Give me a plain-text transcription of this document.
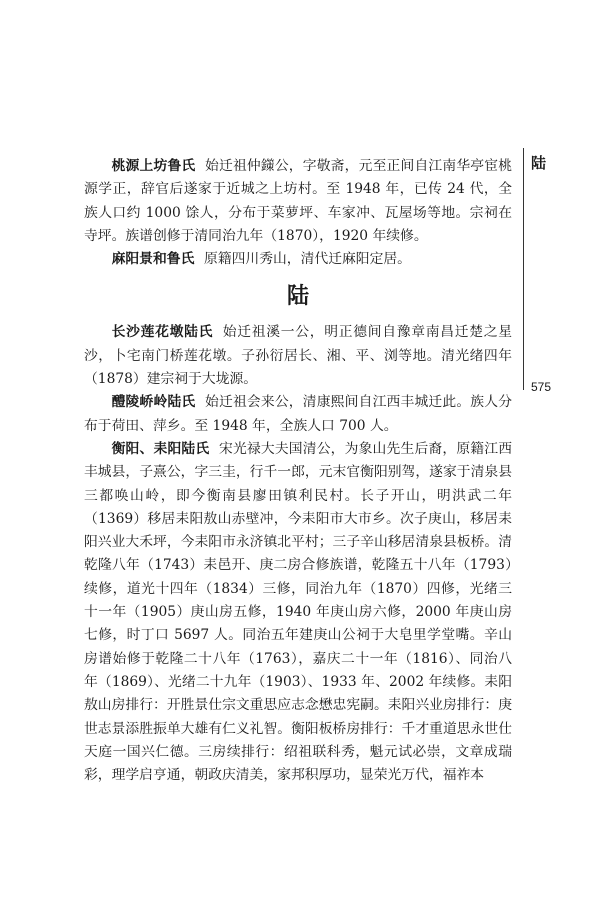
陆
575

桃源上坊鲁氏 始迁祖仲鏼公，字敬斋，元至正间自江南华亭宦桃源学正，辞官后遂家于近城之上坊村。至 1948 年，已传 24 代，全族人口约 1000 馀人，分布于菜萝坪、车家冲、瓦屋场等地。宗祠在寺坪。族谱创修于清同治九年（1870），1920 年续修。

麻阳景和鲁氏 原籍四川秀山，清代迁麻阳定居。

陆

长沙莲花墩陆氏 始迁祖溪一公，明正德间自豫章南昌迁楚之星沙，卜宅南门桥莲花墩。子孙衍居长、湘、平、浏等地。清光绪四年（1878）建宗祠于大垅源。

醴陵峤岭陆氏 始迁祖会来公，清康熙间自江西丰城迁此。族人分布于荷田、萍乡。至 1948 年，全族人口 700 人。

衡阳、耒阳陆氏 宋光禄大夫国清公，为象山先生后裔，原籍江西丰城县，子熹公，字三圭，行千一郎，元末官衡阳别驾，遂家于清泉县三都唤山岭，即今衡南县廖田镇利民村。长子开山，明洪武二年（1369）移居耒阳敖山赤壁冲，今耒阳市大市乡。次子庚山，移居耒阳兴业大禾坪，今耒阳市永济镇北平村；三子辛山移居清泉县板桥。清乾隆八年（1743）耒邑开、庚二房合修族谱，乾隆五十八年（1793）续修，道光十四年（1834）三修，同治九年（1870）四修，光绪三十一年（1905）庚山房五修，1940 年庚山房六修，2000 年庚山房七修，时丁口 5697 人。同治五年建庚山公祠于大皂里学堂嘴。辛山房谱始修于乾隆二十八年（1763），嘉庆二十一年（1816）、同治八年（1869）、光绪二十九年（1903）、1933 年、2002 年续修。耒阳敖山房排行：开胜景仕宗文重思应志念懋忠宪嗣。耒阳兴业房排行：庚世志景添胜振单大雄有仁义礼智。衡阳板桥房排行：千才重道思永世仕天庭一国兴仁德。三房续排行：绍祖联科秀，魁元试必崇，文章成瑞彩，理学启亨通，朝政庆清美，家邦积厚功，显荣光万代，福祚本
